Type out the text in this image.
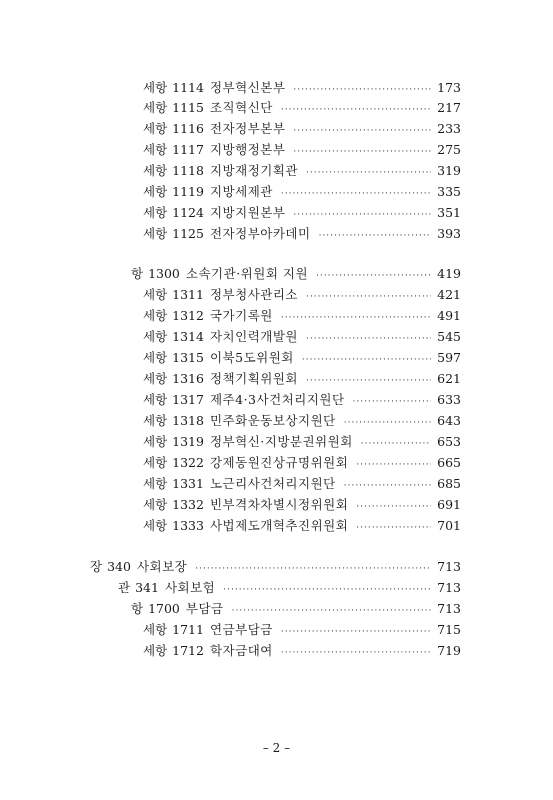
세항 1114 정부혁신본부 ·····	173
세항 1115 조직혁신단 ·····	217
세항 1116 전자정부본부 ·····	233
세항 1117 지방행정본부 ·····	275
세항 1118 지방재정기획관 ·····	319
세항 1119 지방세제관 ·····	335
세항 1124 지방지원본부 ·····	351
세항 1125 전자정부아카데미 ·····	393
항 1300 소속기관·위원회 지원 ·····	419
세항 1311 정부청사관리소 ·····	421
세항 1312 국가기록원 ·····	491
세항 1314 자치인력개발원 ·····	545
세항 1315 이북5도위원회 ·····	597
세항 1316 정책기획위원회 ·····	621
세항 1317 제주4·3사건처리지원단 ·····	633
세항 1318 민주화운동보상지원단 ·····	643
세항 1319 정부혁신·지방분권위원회 ·····	653
세항 1322 강제동원진상규명위원회 ·····	665
세항 1331 노근리사건처리지원단 ·····	685
세항 1332 빈부격차차별시정위원회 ·····	691
세항 1333 사법제도개혁추진위원회 ·····	701
장 340 사회보장 ·····	713
관 341 사회보험 ·····	713
항 1700 부담금 ·····	713
세항 1711 연금부담금 ·····	715
세항 1712 학자금대여 ·····	719
– 2 –
